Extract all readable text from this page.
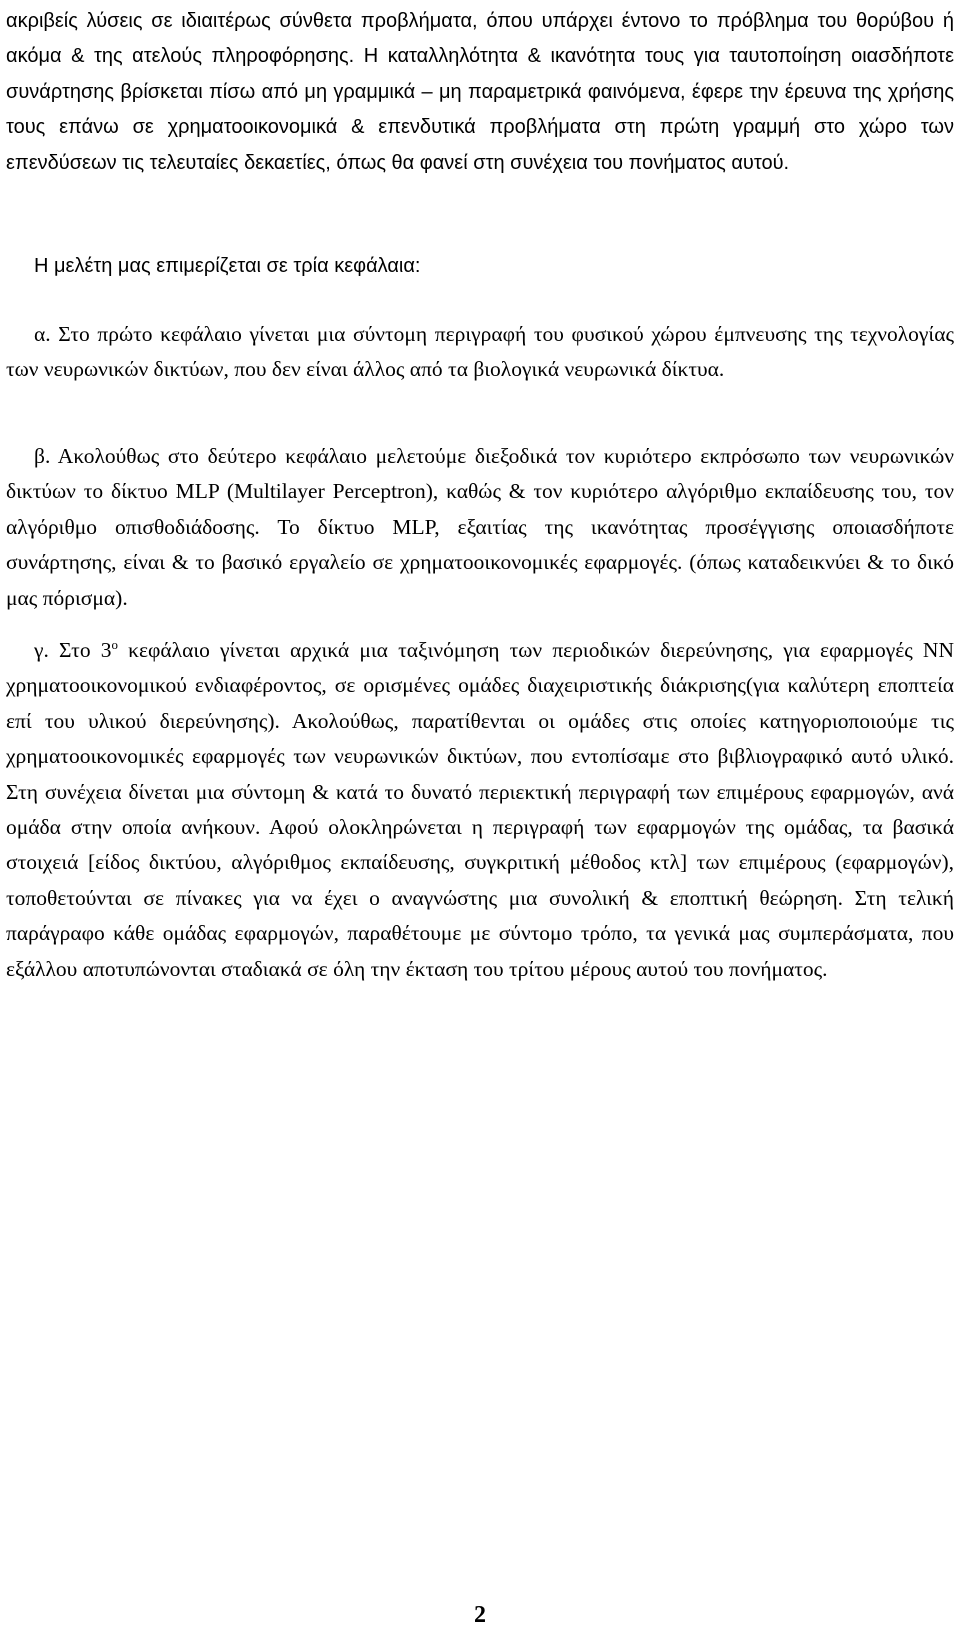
ακριβείς λύσεις σε ιδιαιτέρως σύνθετα προβλήματα, όπου υπάρχει έντονο το πρόβλημα του θορύβου ή ακόμα & της ατελούς πληροφόρησης. Η καταλληλότητα & ικανότητα τους για ταυτοποίηση οιασδήποτε συνάρτησης βρίσκεται πίσω από μη γραμμικά – μη παραμετρικά φαινόμενα, έφερε την έρευνα της χρήσης τους επάνω σε χρηματοοικονομικά & επενδυτικά προβλήματα στη πρώτη γραμμή στο χώρο των επενδύσεων τις τελευταίες δεκαετίες, όπως θα φανεί στη συνέχεια του πονήματος αυτού.

Η μελέτη μας επιμερίζεται σε τρία κεφάλαια:

α. Στο πρώτο κεφάλαιο γίνεται μια σύντομη περιγραφή του φυσικού χώρου έμπνευσης της τεχνολογίας των νευρωνικών δικτύων, που δεν είναι άλλος από τα βιολογικά νευρωνικά δίκτυα.

β. Ακολούθως στο δεύτερο κεφάλαιο μελετούμε διεξοδικά τον κυριότερο εκπρόσωπο των νευρωνικών δικτύων το δίκτυο MLP (Multilayer Perceptron), καθώς & τον κυριότερο αλγόριθμο εκπαίδευσης του, τον αλγόριθμο οπισθοδιάδοσης. Το δίκτυο MLP, εξαιτίας της ικανότητας προσέγγισης οποιασδήποτε συνάρτησης, είναι & το βασικό εργαλείο σε χρηματοοικονομικές εφαρμογές. (όπως καταδεικνύει & το δικό μας πόρισμα).

γ. Στο $3^o$ κεφάλαιο γίνεται αρχικά μια ταξινόμηση των περιοδικών διερεύνησης, για εφαρμογές ΝΝ χρηματοοικονομικού ενδιαφέροντος, σε ορισμένες ομάδες διαχειριστικής διάκρισης(για καλύτερη εποπτεία επί του υλικού διερεύνησης). Ακολούθως, παρατίθενται οι ομάδες στις οποίες κατηγοριοποιούμε τις χρηματοοικονομικές εφαρμογές των νευρωνικών δικτύων, που εντοπίσαμε στο βιβλιογραφικό αυτό υλικό. Στη συνέχεια δίνεται μια σύντομη & κατά το δυνατό περιεκτική περιγραφή των επιμέρους εφαρμογών, ανά ομάδα στην οποία ανήκουν. Αφού ολοκληρώνεται η περιγραφή των εφαρμογών της ομάδας, τα βασικά στοιχειά [είδος δικτύου, αλγόριθμος εκπαίδευσης, συγκριτική μέθοδος κτλ] των επιμέρους (εφαρμογών), τοποθετούνται σε πίνακες για να έχει ο αναγνώστης μια συνολική & εποπτική θεώρηση. Στη τελική παράγραφο κάθε ομάδας εφαρμογών, παραθέτουμε με σύντομο τρόπο, τα γενικά μας συμπεράσματα, που εξάλλου αποτυπώνονται σταδιακά σε όλη την έκταση του τρίτου μέρους αυτού του πονήματος.

2
